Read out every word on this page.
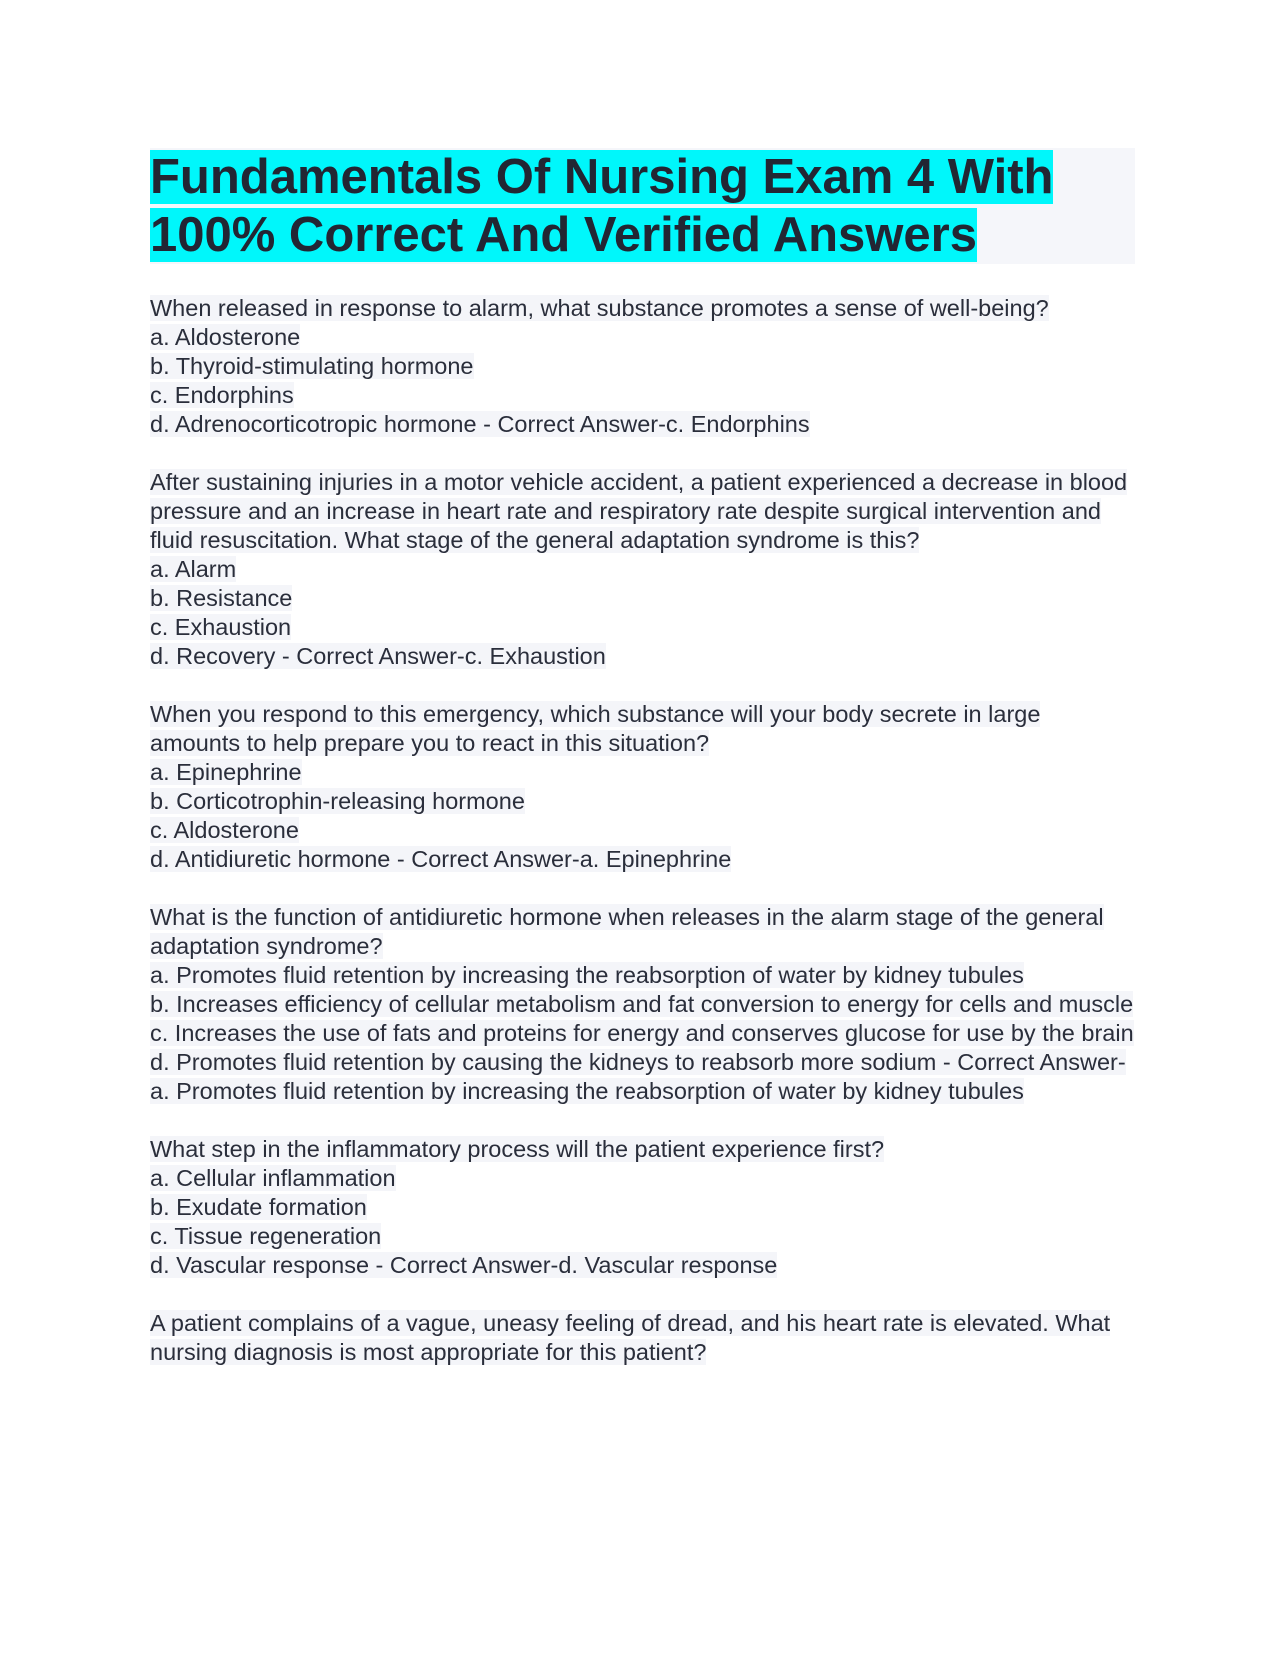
Fundamentals Of Nursing Exam 4 With 100% Correct And Verified Answers
When released in response to alarm, what substance promotes a sense of well-being?
a. Aldosterone
b. Thyroid-stimulating hormone
c. Endorphins
d. Adrenocorticotropic hormone - Correct Answer-c. Endorphins
After sustaining injuries in a motor vehicle accident, a patient experienced a decrease in blood pressure and an increase in heart rate and respiratory rate despite surgical intervention and fluid resuscitation. What stage of the general adaptation syndrome is this?
a. Alarm
b. Resistance
c. Exhaustion
d. Recovery - Correct Answer-c. Exhaustion
When you respond to this emergency, which substance will your body secrete in large amounts to help prepare you to react in this situation?
a. Epinephrine
b. Corticotrophin-releasing hormone
c. Aldosterone
d. Antidiuretic hormone - Correct Answer-a. Epinephrine
What is the function of antidiuretic hormone when releases in the alarm stage of the general adaptation syndrome?
a. Promotes fluid retention by increasing the reabsorption of water by kidney tubules
b. Increases efficiency of cellular metabolism and fat conversion to energy for cells and muscle
c. Increases the use of fats and proteins for energy and conserves glucose for use by the brain
d. Promotes fluid retention by causing the kidneys to reabsorb more sodium - Correct Answer-a. Promotes fluid retention by increasing the reabsorption of water by kidney tubules
What step in the inflammatory process will the patient experience first?
a. Cellular inflammation
b. Exudate formation
c. Tissue regeneration
d. Vascular response - Correct Answer-d. Vascular response
A patient complains of a vague, uneasy feeling of dread, and his heart rate is elevated. What nursing diagnosis is most appropriate for this patient?
